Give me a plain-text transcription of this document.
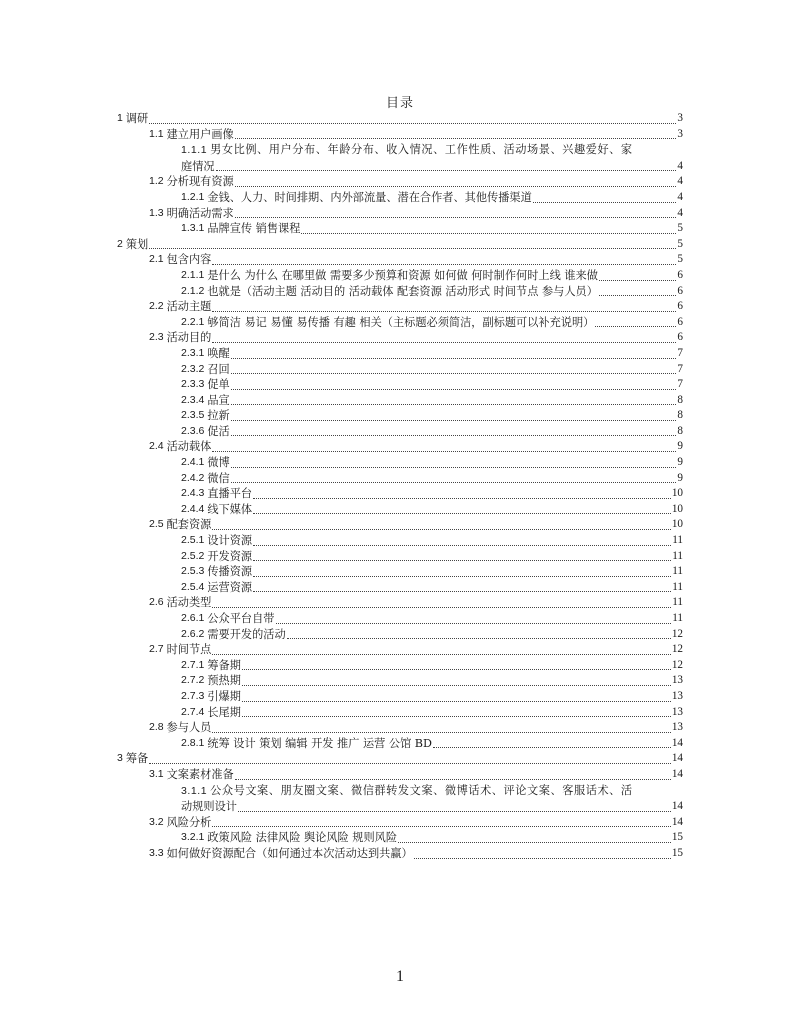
目录
1 调研	3
1.1 建立用户画像	3
1.1.1 男女比例、用户分布、年龄分布、收入情况、工作性质、活动场景、兴趣爱好、家
庭情况	4
1.2 分析现有资源	4
1.2.1 金钱、人力、时间排期、内外部流量、潜在合作者、其他传播渠道	4
1.3 明确活动需求	4
1.3.1 品牌宣传 销售课程	5
2 策划	5
2.1 包含内容	5
2.1.1 是什么 为什么 在哪里做 需要多少预算和资源 如何做 何时制作何时上线 谁来做	6
2.1.2 也就是（活动主题 活动目的 活动载体 配套资源 活动形式 时间节点 参与人员）	6
2.2 活动主题	6
2.2.1 够简洁 易记 易懂 易传播 有趣 相关（主标题必须简洁，副标题可以补充说明）	6
2.3 活动目的	6
2.3.1 唤醒	7
2.3.2 召回	7
2.3.3 促单	7
2.3.4 品宣	8
2.3.5 拉新	8
2.3.6 促活	8
2.4 活动载体	9
2.4.1 微博	9
2.4.2 微信	9
2.4.3 直播平台	10
2.4.4 线下媒体	10
2.5 配套资源	10
2.5.1 设计资源	11
2.5.2 开发资源	11
2.5.3 传播资源	11
2.5.4 运营资源	11
2.6 活动类型	11
2.6.1 公众平台自带	11
2.6.2 需要开发的活动	12
2.7 时间节点	12
2.7.1 筹备期	12
2.7.2 预热期	13
2.7.3 引爆期	13
2.7.4 长尾期	13
2.8 参与人员	13
2.8.1 统筹 设计 策划 编辑 开发 推广 运营 公馆 BD	14
3 筹备	14
3.1 文案素材准备	14
3.1.1 公众号文案、朋友圈文案、微信群转发文案、微博话术、评论文案、客服话术、活
动规则设计	14
3.2 风险分析	14
3.2.1 政策风险 法律风险 舆论风险 规则风险	15
3.3 如何做好资源配合（如何通过本次活动达到共赢）	15
1
